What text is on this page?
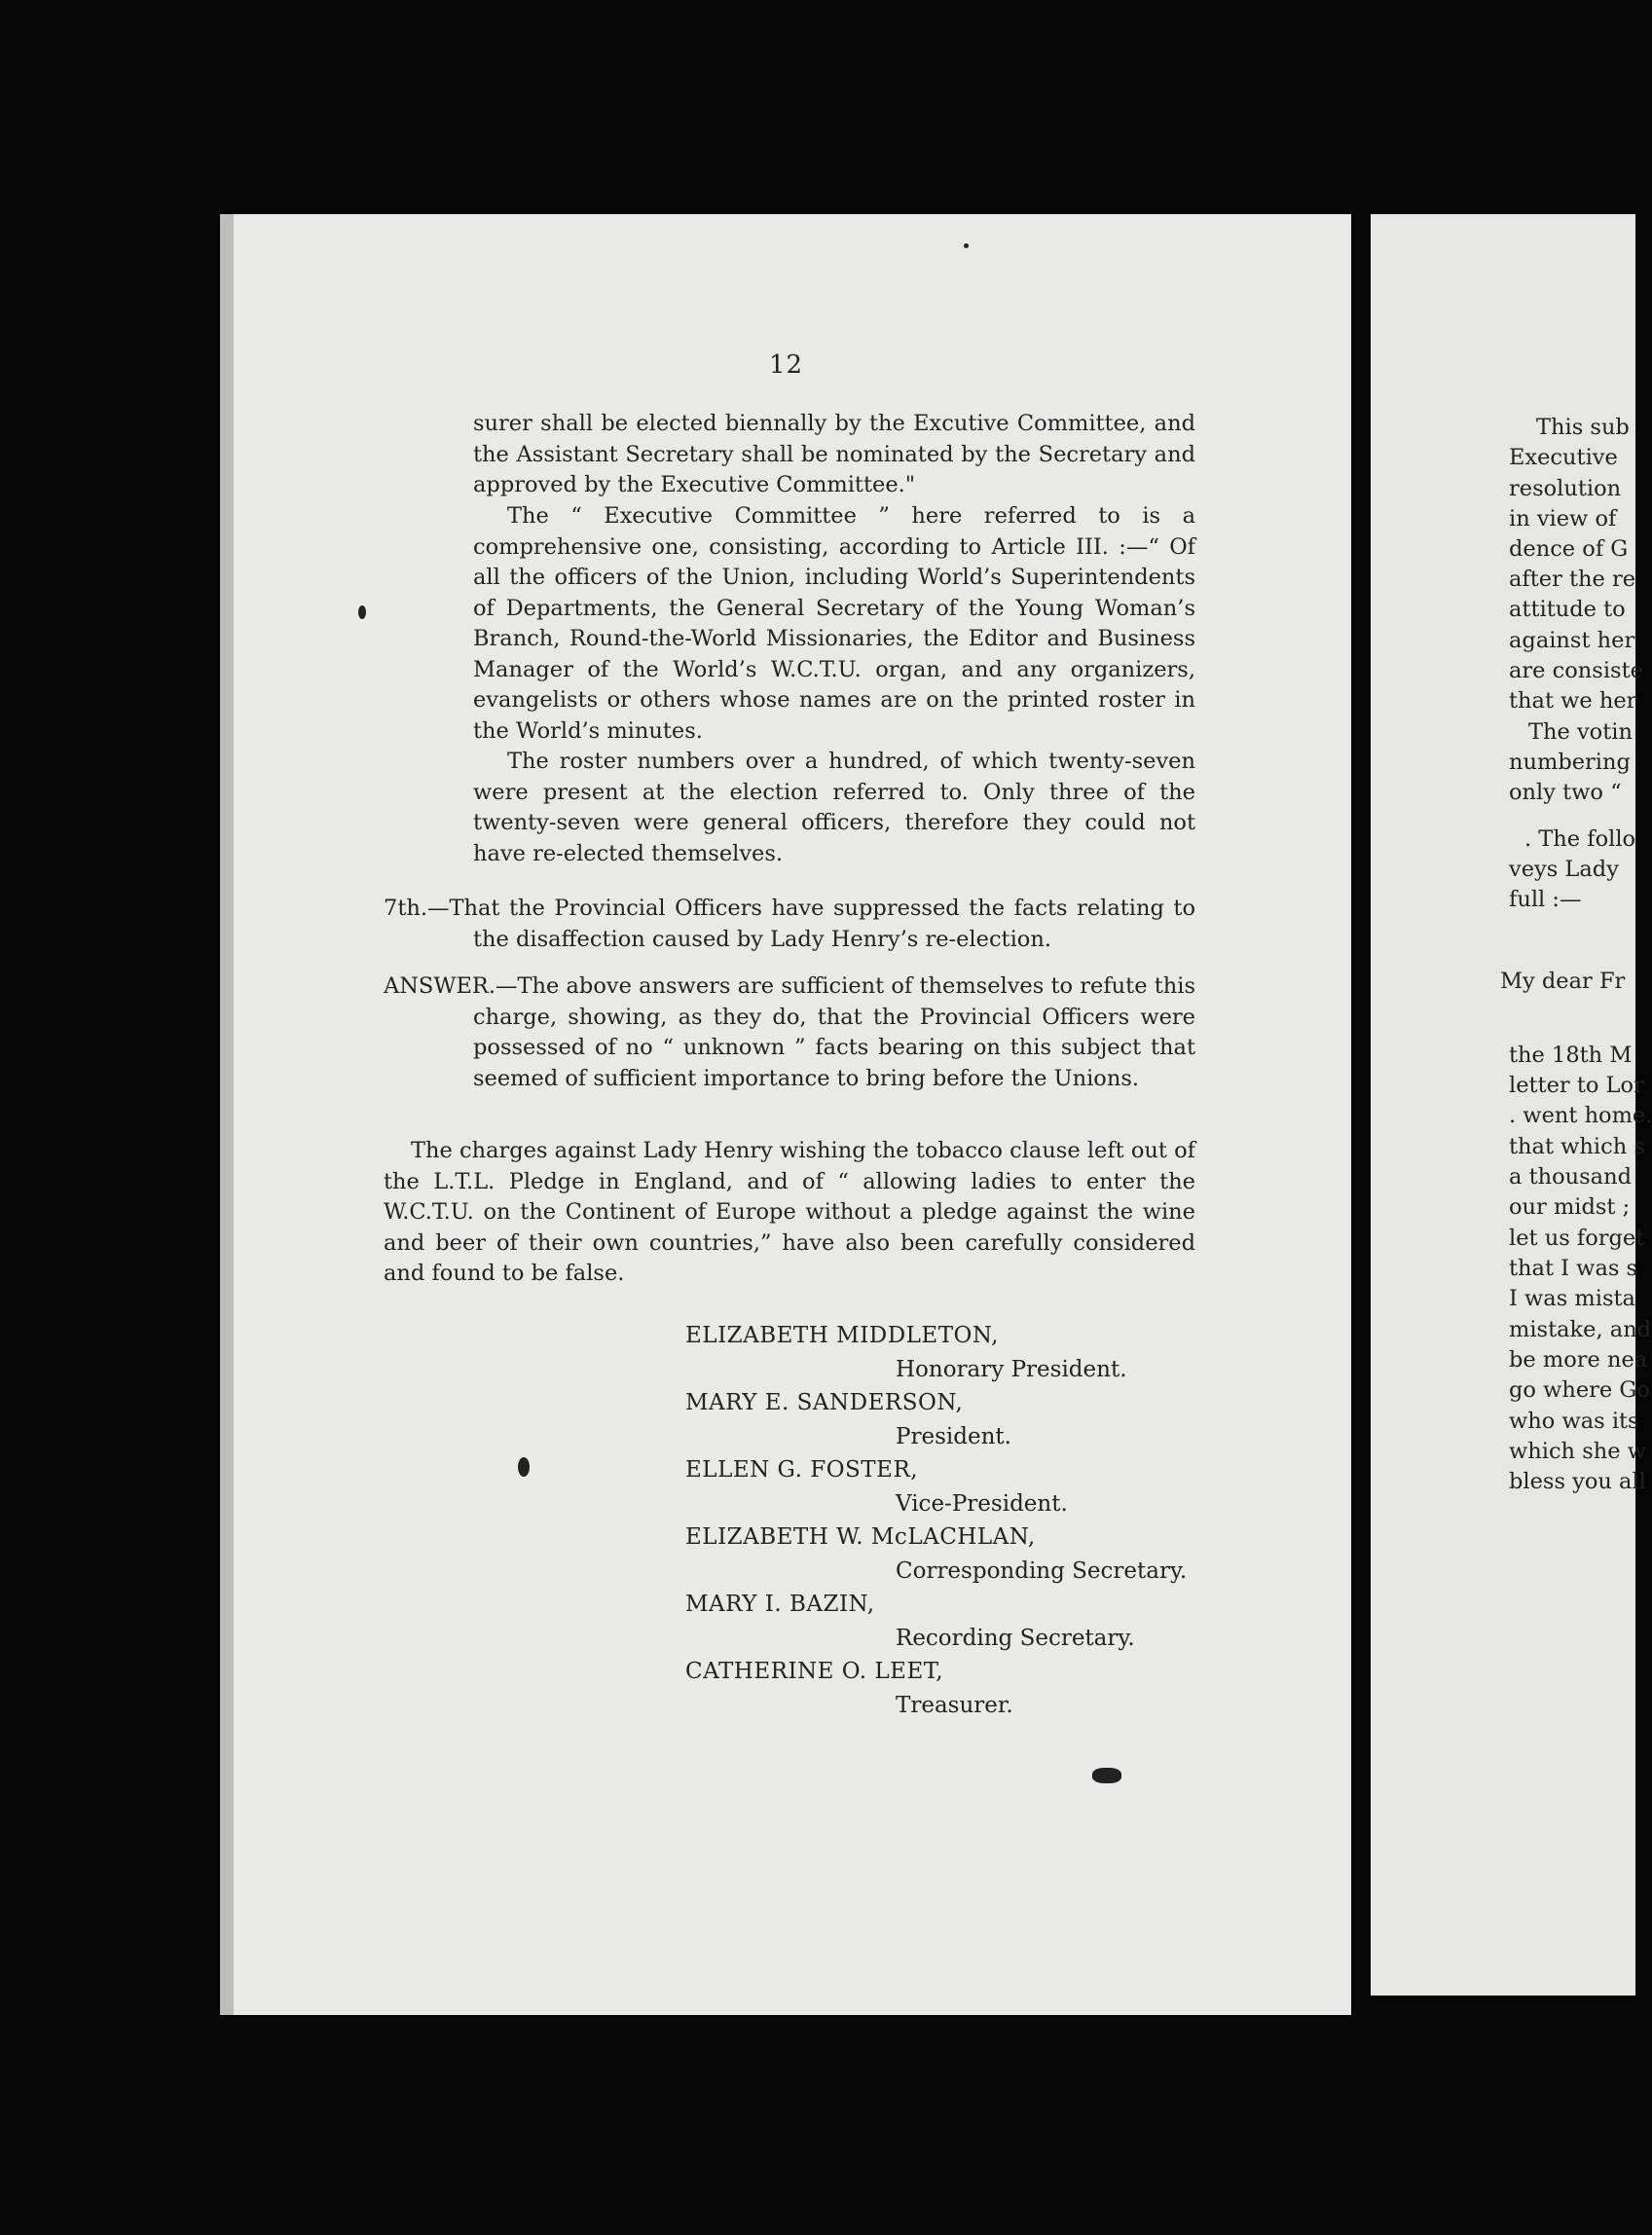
12

surer shall be elected biennally by the Excutive Committee, and the Assistant Secretary shall be nominated by the Secretary and approved by the Executive Committee."

The “ Executive Committee ” here referred to is a comprehensive one, consisting, according to Article III. :—“ Of all the officers of the Union, including World’s Superintendents of Departments, the General Secretary of the Young Woman’s Branch, Round-the-World Missionaries, the Editor and Business Manager of the World’s W.C.T.U. organ, and any organizers, evangelists or others whose names are on the printed roster in the World’s minutes.

The roster numbers over a hundred, of which twenty-seven were present at the election referred to. Only three of the twenty-seven were general officers, therefore they could not have re-elected themselves.

7th.—That the Provincial Officers have suppressed the facts relating to the disaffection caused by Lady Henry’s re-election.

ANSWER.—The above answers are sufficient of themselves to refute this charge, showing, as they do, that the Provincial Officers were possessed of no “ unknown ” facts bearing on this subject that seemed of sufficient importance to bring before the Unions.

The charges against Lady Henry wishing the tobacco clause left out of the L.T.L. Pledge in England, and of “ allowing ladies to enter the W.C.T.U. on the Continent of Europe without a pledge against the wine and beer of their own countries,” have also been carefully considered and found to be false.

ELIZABETH MIDDLETON,
Honorary President.
MARY E. SANDERSON,
President.
ELLEN G. FOSTER,
Vice-President.
ELIZABETH W. McLACHLAN,
Corresponding Secretary.
MARY I. BAZIN,
Recording Secretary.
CATHERINE O. LEET,
Treasurer.
This sub
Executive
resolution
in view of
dence of G
after the re
attitude to
against her
are consiste
that we her
The votin
numbering
only two “
. The follo
veys Lady
full :—
My dear Fr
the 18th M
letter to Lor
. went home.
that which s
a thousand
our midst ;
let us forget
that I was s
I was mista
mistake, and
be more nea
go where Go
who was its
which she w
bless you all
